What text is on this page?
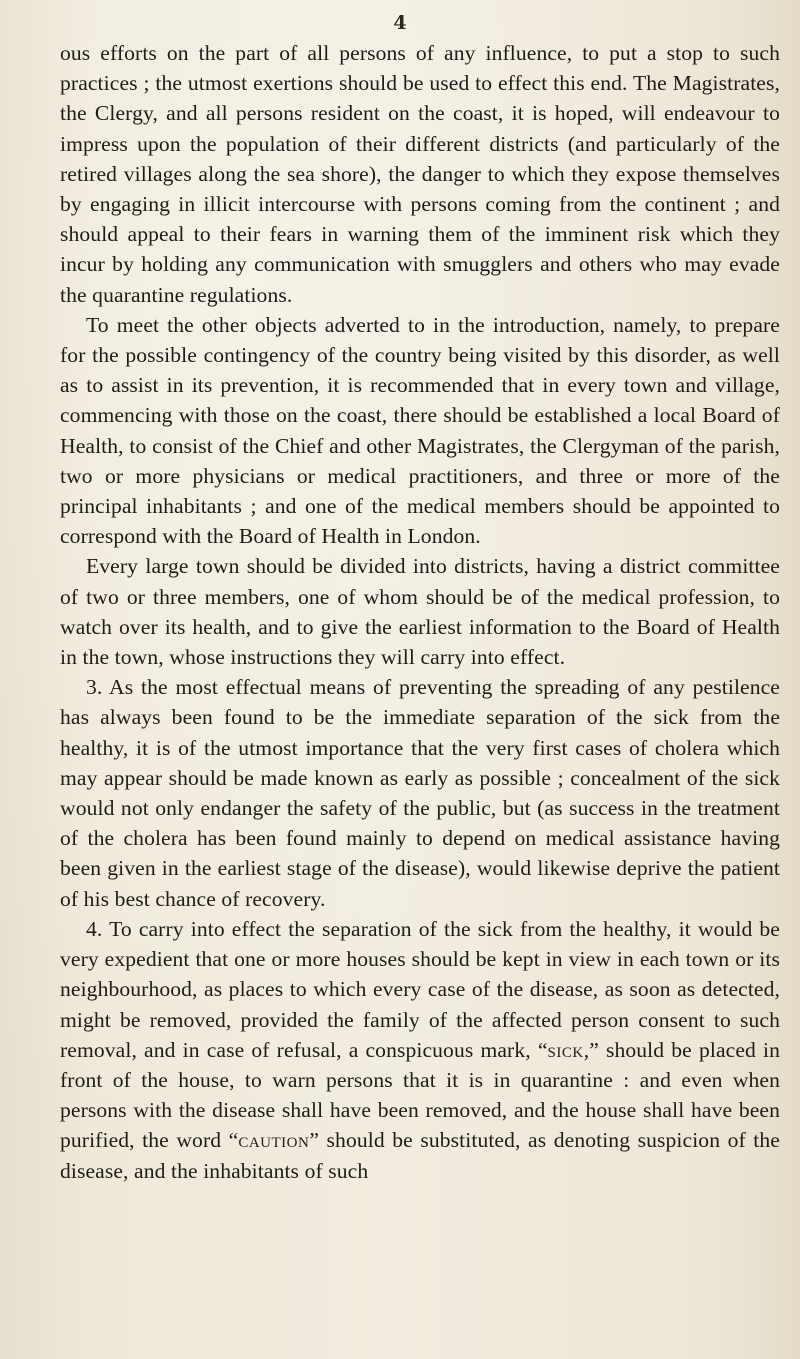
4

ous efforts on the part of all persons of any influence, to put a stop to such practices ; the utmost exertions should be used to effect this end. The Magistrates, the Clergy, and all persons resident on the coast, it is hoped, will endeavour to impress upon the population of their different districts (and particularly of the retired villages along the sea shore), the danger to which they expose themselves by engaging in illicit intercourse with persons coming from the continent ; and should appeal to their fears in warning them of the imminent risk which they incur by holding any communication with smugglers and others who may evade the quarantine regulations.

To meet the other objects adverted to in the introduction, namely, to prepare for the possible contingency of the country being visited by this disorder, as well as to assist in its prevention, it is recommended that in every town and village, commencing with those on the coast, there should be established a local Board of Health, to consist of the Chief and other Magistrates, the Clergyman of the parish, two or more physicians or medical practitioners, and three or more of the principal inhabitants ; and one of the medical members should be appointed to correspond with the Board of Health in London.

Every large town should be divided into districts, having a district committee of two or three members, one of whom should be of the medical profession, to watch over its health, and to give the earliest information to the Board of Health in the town, whose instructions they will carry into effect.

3. As the most effectual means of preventing the spreading of any pestilence has always been found to be the immediate separation of the sick from the healthy, it is of the utmost importance that the very first cases of cholera which may appear should be made known as early as possible ; concealment of the sick would not only endanger the safety of the public, but (as success in the treatment of the cholera has been found mainly to depend on medical assistance having been given in the earliest stage of the disease), would likewise deprive the patient of his best chance of recovery.

4. To carry into effect the separation of the sick from the healthy, it would be very expedient that one or more houses should be kept in view in each town or its neighbourhood, as places to which every case of the disease, as soon as detected, might be removed, provided the family of the affected person consent to such removal, and in case of refusal, a conspicuous mark, “sick,” should be placed in front of the house, to warn persons that it is in quarantine : and even when persons with the disease shall have been removed, and the house shall have been purified, the word “caution” should be substituted, as denoting suspicion of the disease, and the inhabitants of such
